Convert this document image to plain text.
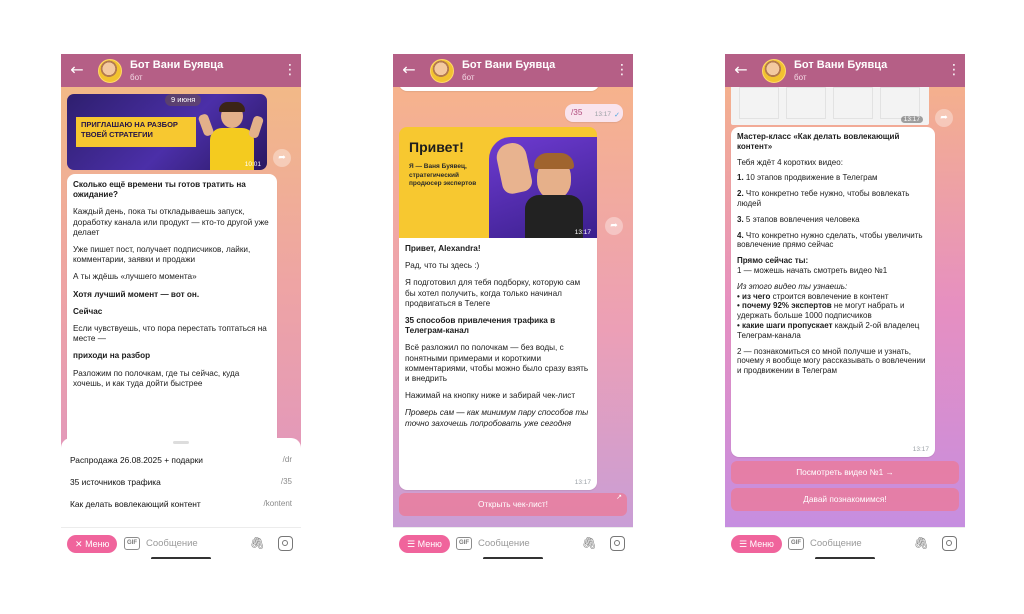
←	Бот Вани Буявца
бот	⋮
9 июня
ПРИГЛАШАЮ НА РАЗБОР
ТВОЕЙ СТРАТЕГИИ
10:01
➦

Сколько ещё времени ты готов тратить на ожидание?

Каждый день, пока ты откладываешь запуск, доработку канала или продукт — кто-то другой уже делает

Уже пишет пост, получает подписчиков, лайки, комментарии, заявки и продажи

А ты ждёшь «лучшего момента»

Хотя лучший момент — вот он.

Сейчас

Если чувствуешь, что пора перестать топтаться на месте —

приходи на разбор

Разложим по полочкам, где ты сейчас, куда хочешь, и как туда дойти быстрее

Распродажа 26.08.2025 + подарки	/dr
35 источников трафика	/35
Как делать вовлекающий контент	/kontent
✕ Меню	GIF Сообщение	🖇
←	Бот Вани Буявца
бот	⋮
/35 13:17 ✓
Привет!
Я — Ваня Буявец, стратегический продюсер экспертов
13:17
➦

Привет, Alexandra!

Рад, что ты здесь :)

Я подготовил для тебя подборку, которую сам бы хотел получить, когда только начинал продвигаться в Телеге

35 способов привлечения трафика в Телеграм-канал

Всё разложил по полочкам — без воды, с понятными примерами и короткими комментариями, чтобы можно было сразу взять и внедрить

Нажимай на кнопку ниже и забирай чек-лист

Проверь сам — как минимум пару способов ты точно захочешь попробовать уже сегодня

13:17
Открыть чек-лист!
↗
☰ Меню	GIF Сообщение	🖇
←	Бот Вани Буявца
бот	⋮
13:17	➦

Мастер-класс «Как делать вовлекающий контент»

Тебя ждёт 4 коротких видео:

1. 10 этапов продвижение в Телеграм

2. Что конкретно тебе нужно, чтобы вовлекать людей

3. 5 этапов вовлечения человека

4. Что конкретно нужно сделать, чтобы увеличить вовлечение прямо сейчас

Прямо сейчас ты:

1 — можешь начать смотреть видео №1

Из этого видео ты узнаешь:

• из чего строится вовлечение в контент

• почему 92% экспертов не могут набрать и удержать больше 1000 подписчиков

• какие шаги пропускает каждый 2-ой владелец Телеграм-канала

2 — познакомиться со мной получше и узнать, почему я вообще могу рассказывать о вовлечении и продвижении в Телеграм

13:17
Посмотреть видео №1 →
Давай познакомимся!
☰ Меню	GIF Сообщение	🖇
